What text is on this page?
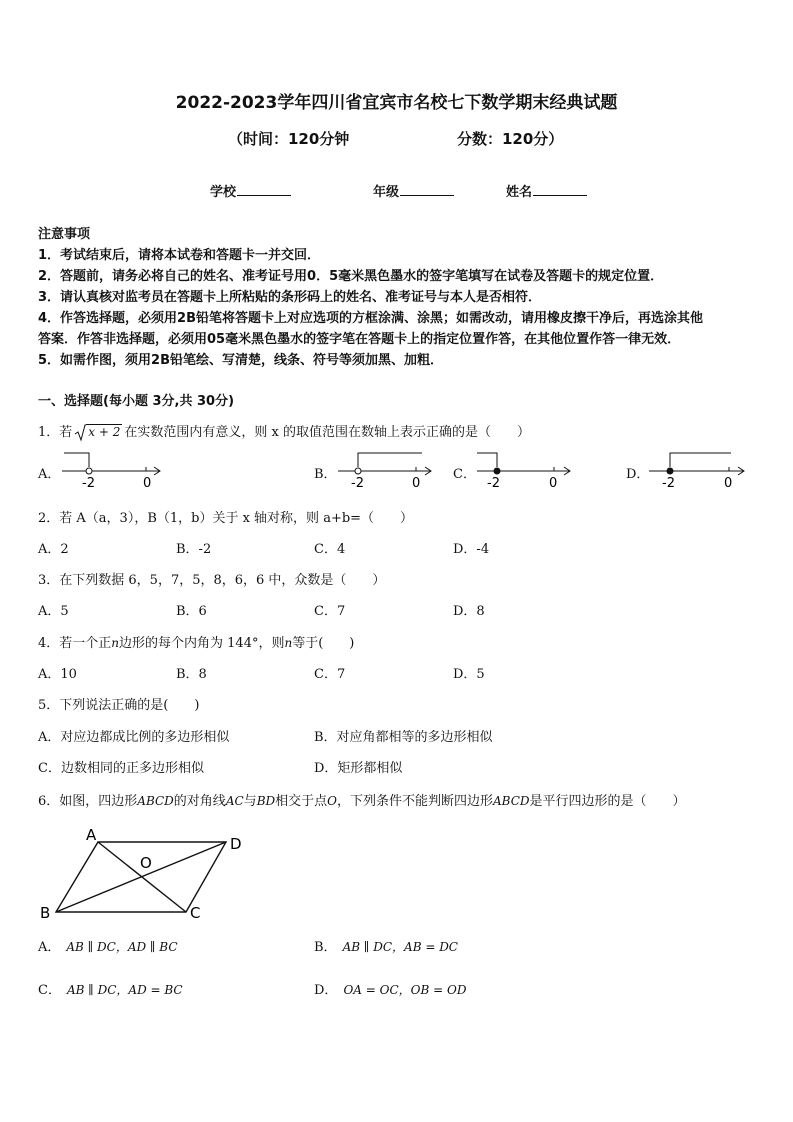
2022-2023学年四川省宜宾市名校七下数学期末经典试题
（时间：120分钟	分数：120分）
学校	年级	姓名
注意事项
1．考试结束后，请将本试卷和答题卡一并交回．
2．答题前，请务必将自己的姓名、准考证号用0．5毫米黑色墨水的签字笔填写在试卷及答题卡的规定位置．
3．请认真核对监考员在答题卡上所粘贴的条形码上的姓名、准考证号与本人是否相符．
4．作答选择题，必须用2B铅笔将答题卡上对应选项的方框涂满、涂黑；如需改动，请用橡皮擦干净后，再选涂其他
答案．作答非选择题，必须用05毫米黑色墨水的签字笔在答题卡上的指定位置作答，在其他位置作答一律无效．
5．如需作图，须用2B铅笔绘、写清楚，线条、符号等须加黑、加粗．
一、选择题(每小题 3分,共 30分)
1．若 x + 2 在实数范围内有意义，则 x 的取值范围在数轴上表示正确的是（　　）
A．
-2	0
B．
-2	0
C．
-2	0
D．
-2	0
2．若 A（a，3），B（1，b）关于 x 轴对称，则 a+b=（　　）
A．2	B．-2	C．4	D．-4
3．在下列数据 6，5，7，5，8，6，6 中，众数是（　　）
A．5	B．6	C．7	D．8
4．若一个正n边形的每个内角为 144°，则n等于(　　)
A．10	B．8	C．7	D．5
5．下列说法正确的是(　　)
A．对应边都成比例的多边形相似	B．对应角都相等的多边形相似
C．边数相同的正多边形相似	D．矩形都相似
6．如图，四边形ABCD的对角线AC与BD相交于点O，下列条件不能判断四边形ABCD是平行四边形的是（　　）
A	D
B	C
O
A． AB ∥ DC，AD ∥ BC	B． AB ∥ DC，AB = DC
C． AB ∥ DC，AD = BC	D． OA = OC，OB = OD
